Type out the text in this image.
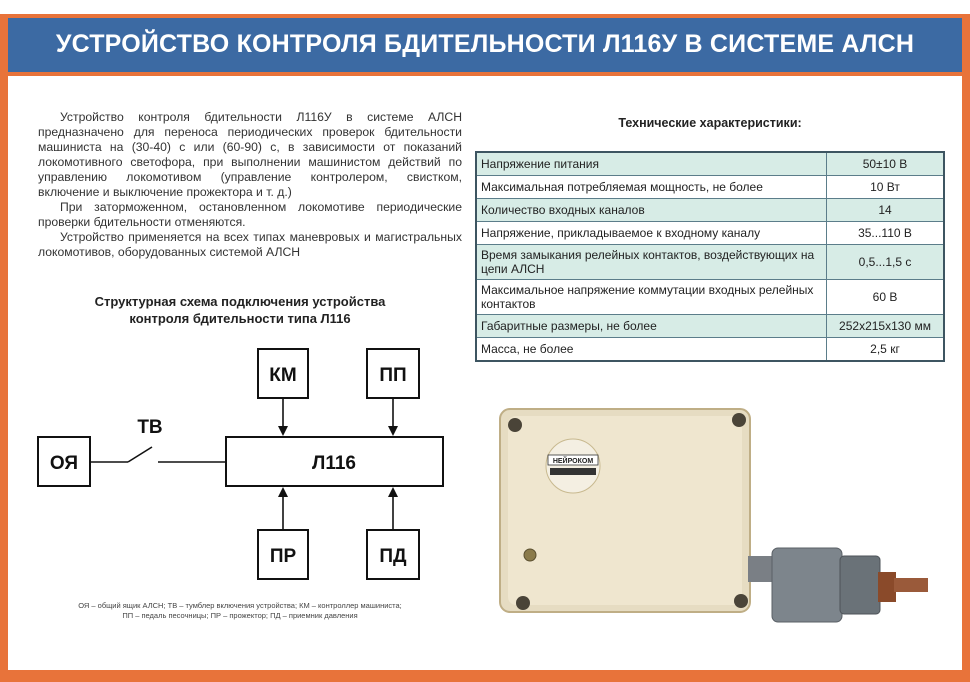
УСТРОЙСТВО КОНТРОЛЯ БДИТЕЛЬНОСТИ Л116У В СИСТЕМЕ АЛСН

Устройство контроля бдительности Л116У в системе АЛСН предназначено для переноса периодических проверок бдительности машиниста на (30-40) с или (60-90) с, в зависимости от показаний локомотивного светофора, при выполнении машинистом действий по управлению локомотивом (управление контролером, свистком, включение и выключение прожектора и т. д.)

При заторможенном, остановленном локомотиве периодические проверки бдительности отменяются.

Устройство применяется на всех типах маневровых и магистральных локомотивов, оборудованных системой АЛСН

Структурная схема подключения устройства
контроля бдительности типа Л116
КМ	ПП
Л116
ОЯ
ПР	ПД
ТВ
НЕЙРОКОМ
ОЯ – общий ящик АЛСН; ТВ – тумблер включения устройства; КМ – контроллер машиниста;
ПП – педаль песочницы; ПР – прожектор; ПД – приемник давления
Технические характеристики:
Напряжение питания	50±10 В
Максимальная потребляемая мощность, не более	10 Вт
Количество входных каналов	14
Напряжение, прикладываемое к входному каналу	35...110 В
Время замыкания релейных контактов, воздействующих на цепи АЛСН	0,5...1,5 с
Максимальное напряжение коммутации входных релейных контактов	60 В
Габаритные размеры, не более	252х215х130 мм
Масса, не более	2,5 кг
